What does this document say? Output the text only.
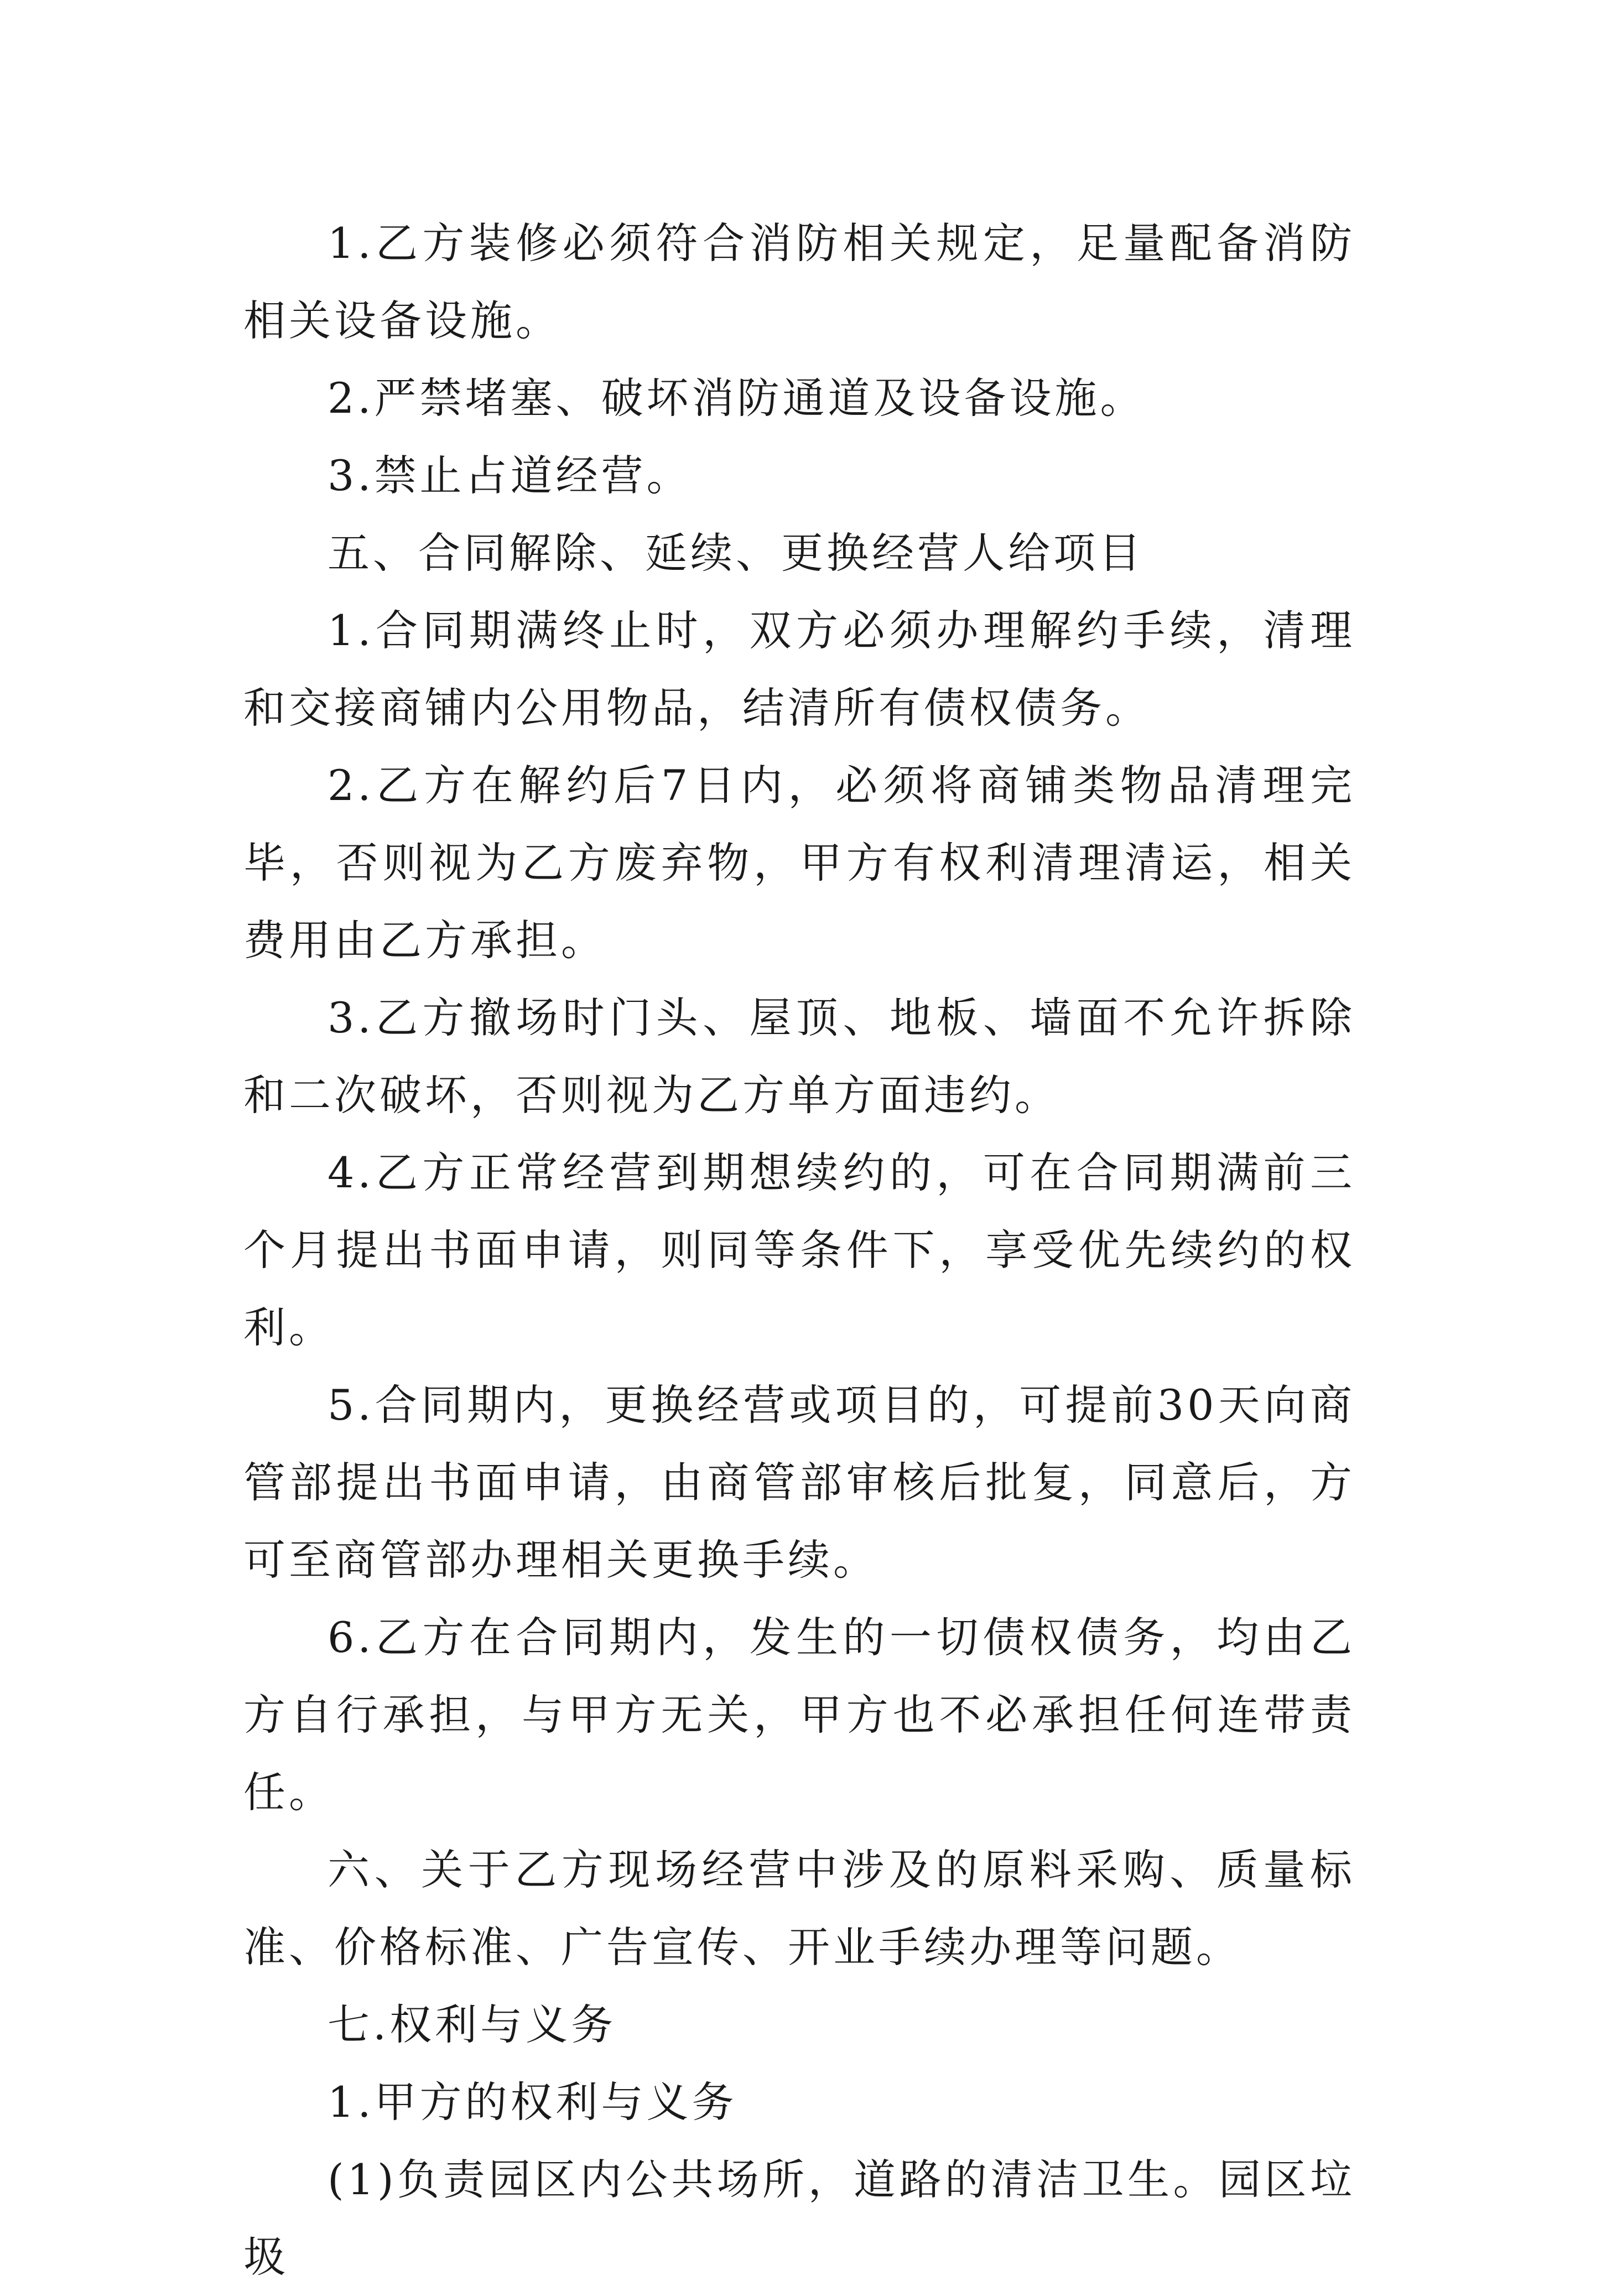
1.乙方装修必须符合消防相关规定，足量配备消防相关设备设施。

2.严禁堵塞、破坏消防通道及设备设施。

3.禁止占道经营。

五、合同解除、延续、更换经营人给项目

1.合同期满终止时，双方必须办理解约手续，清理和交接商铺内公用物品，结清所有债权债务。

2.乙方在解约后7日内，必须将商铺类物品清理完毕，否则视为乙方废弃物，甲方有权利清理清运，相关费用由乙方承担。

3.乙方撤场时门头、屋顶、地板、墙面不允许拆除和二次破坏，否则视为乙方单方面违约。

4.乙方正常经营到期想续约的，可在合同期满前三个月提出书面申请，则同等条件下，享受优先续约的权利。

5.合同期内，更换经营或项目的，可提前30天向商管部提出书面申请，由商管部审核后批复，同意后，方可至商管部办理相关更换手续。

6.乙方在合同期内，发生的一切债权债务，均由乙方自行承担，与甲方无关，甲方也不必承担任何连带责任。

六、关于乙方现场经营中涉及的原料采购、质量标准、价格标准、广告宣传、开业手续办理等问题。

七.权利与义务

1.甲方的权利与义务

(1)负责园区内公共场所，道路的清洁卫生。园区垃圾
